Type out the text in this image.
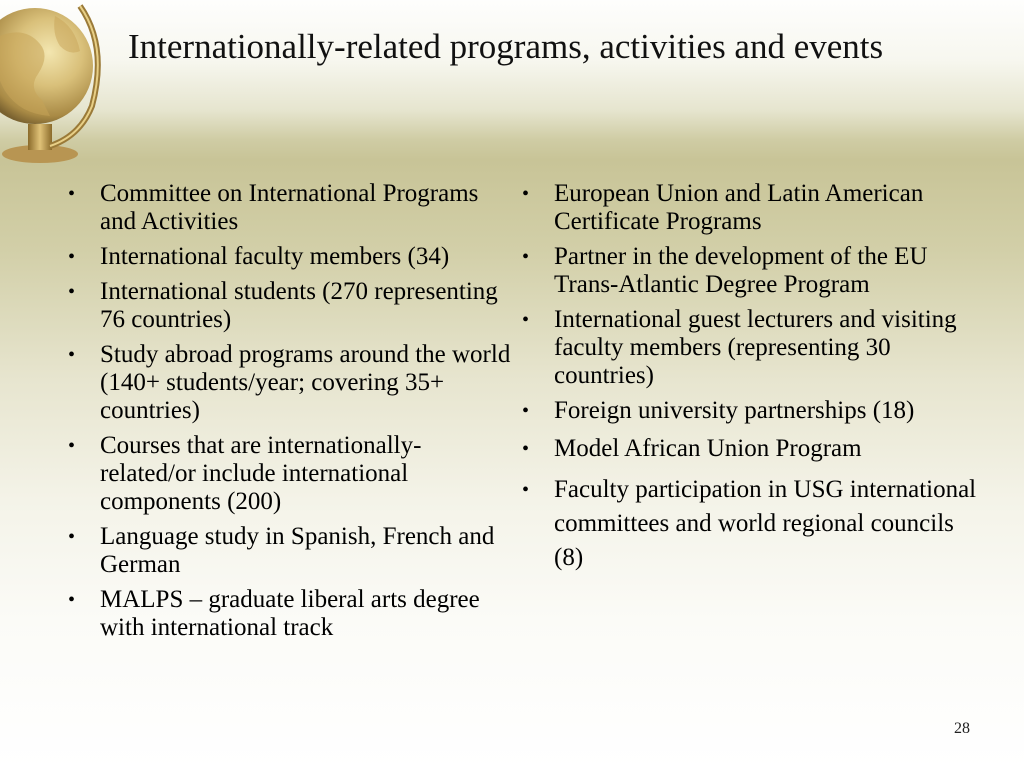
Internationally-related programs, activities and events
• Committee on International Programs and Activities
• International faculty members (34)
• International students (270 representing 76 countries)
• Study abroad programs around the world (140+ students/year; covering 35+ countries)
• Courses that are internationally- related/or include international components (200)
• Language study in Spanish, French and German
• MALPS – graduate liberal arts degree with international track
• European Union and Latin American Certificate Programs
• Partner in the development of the EU Trans-Atlantic Degree Program
• International guest lecturers and visiting faculty members (representing 30 countries)
• Foreign university partnerships (18)
• Model African Union Program
• Faculty participation in USG international committees and world regional councils (8)
28
